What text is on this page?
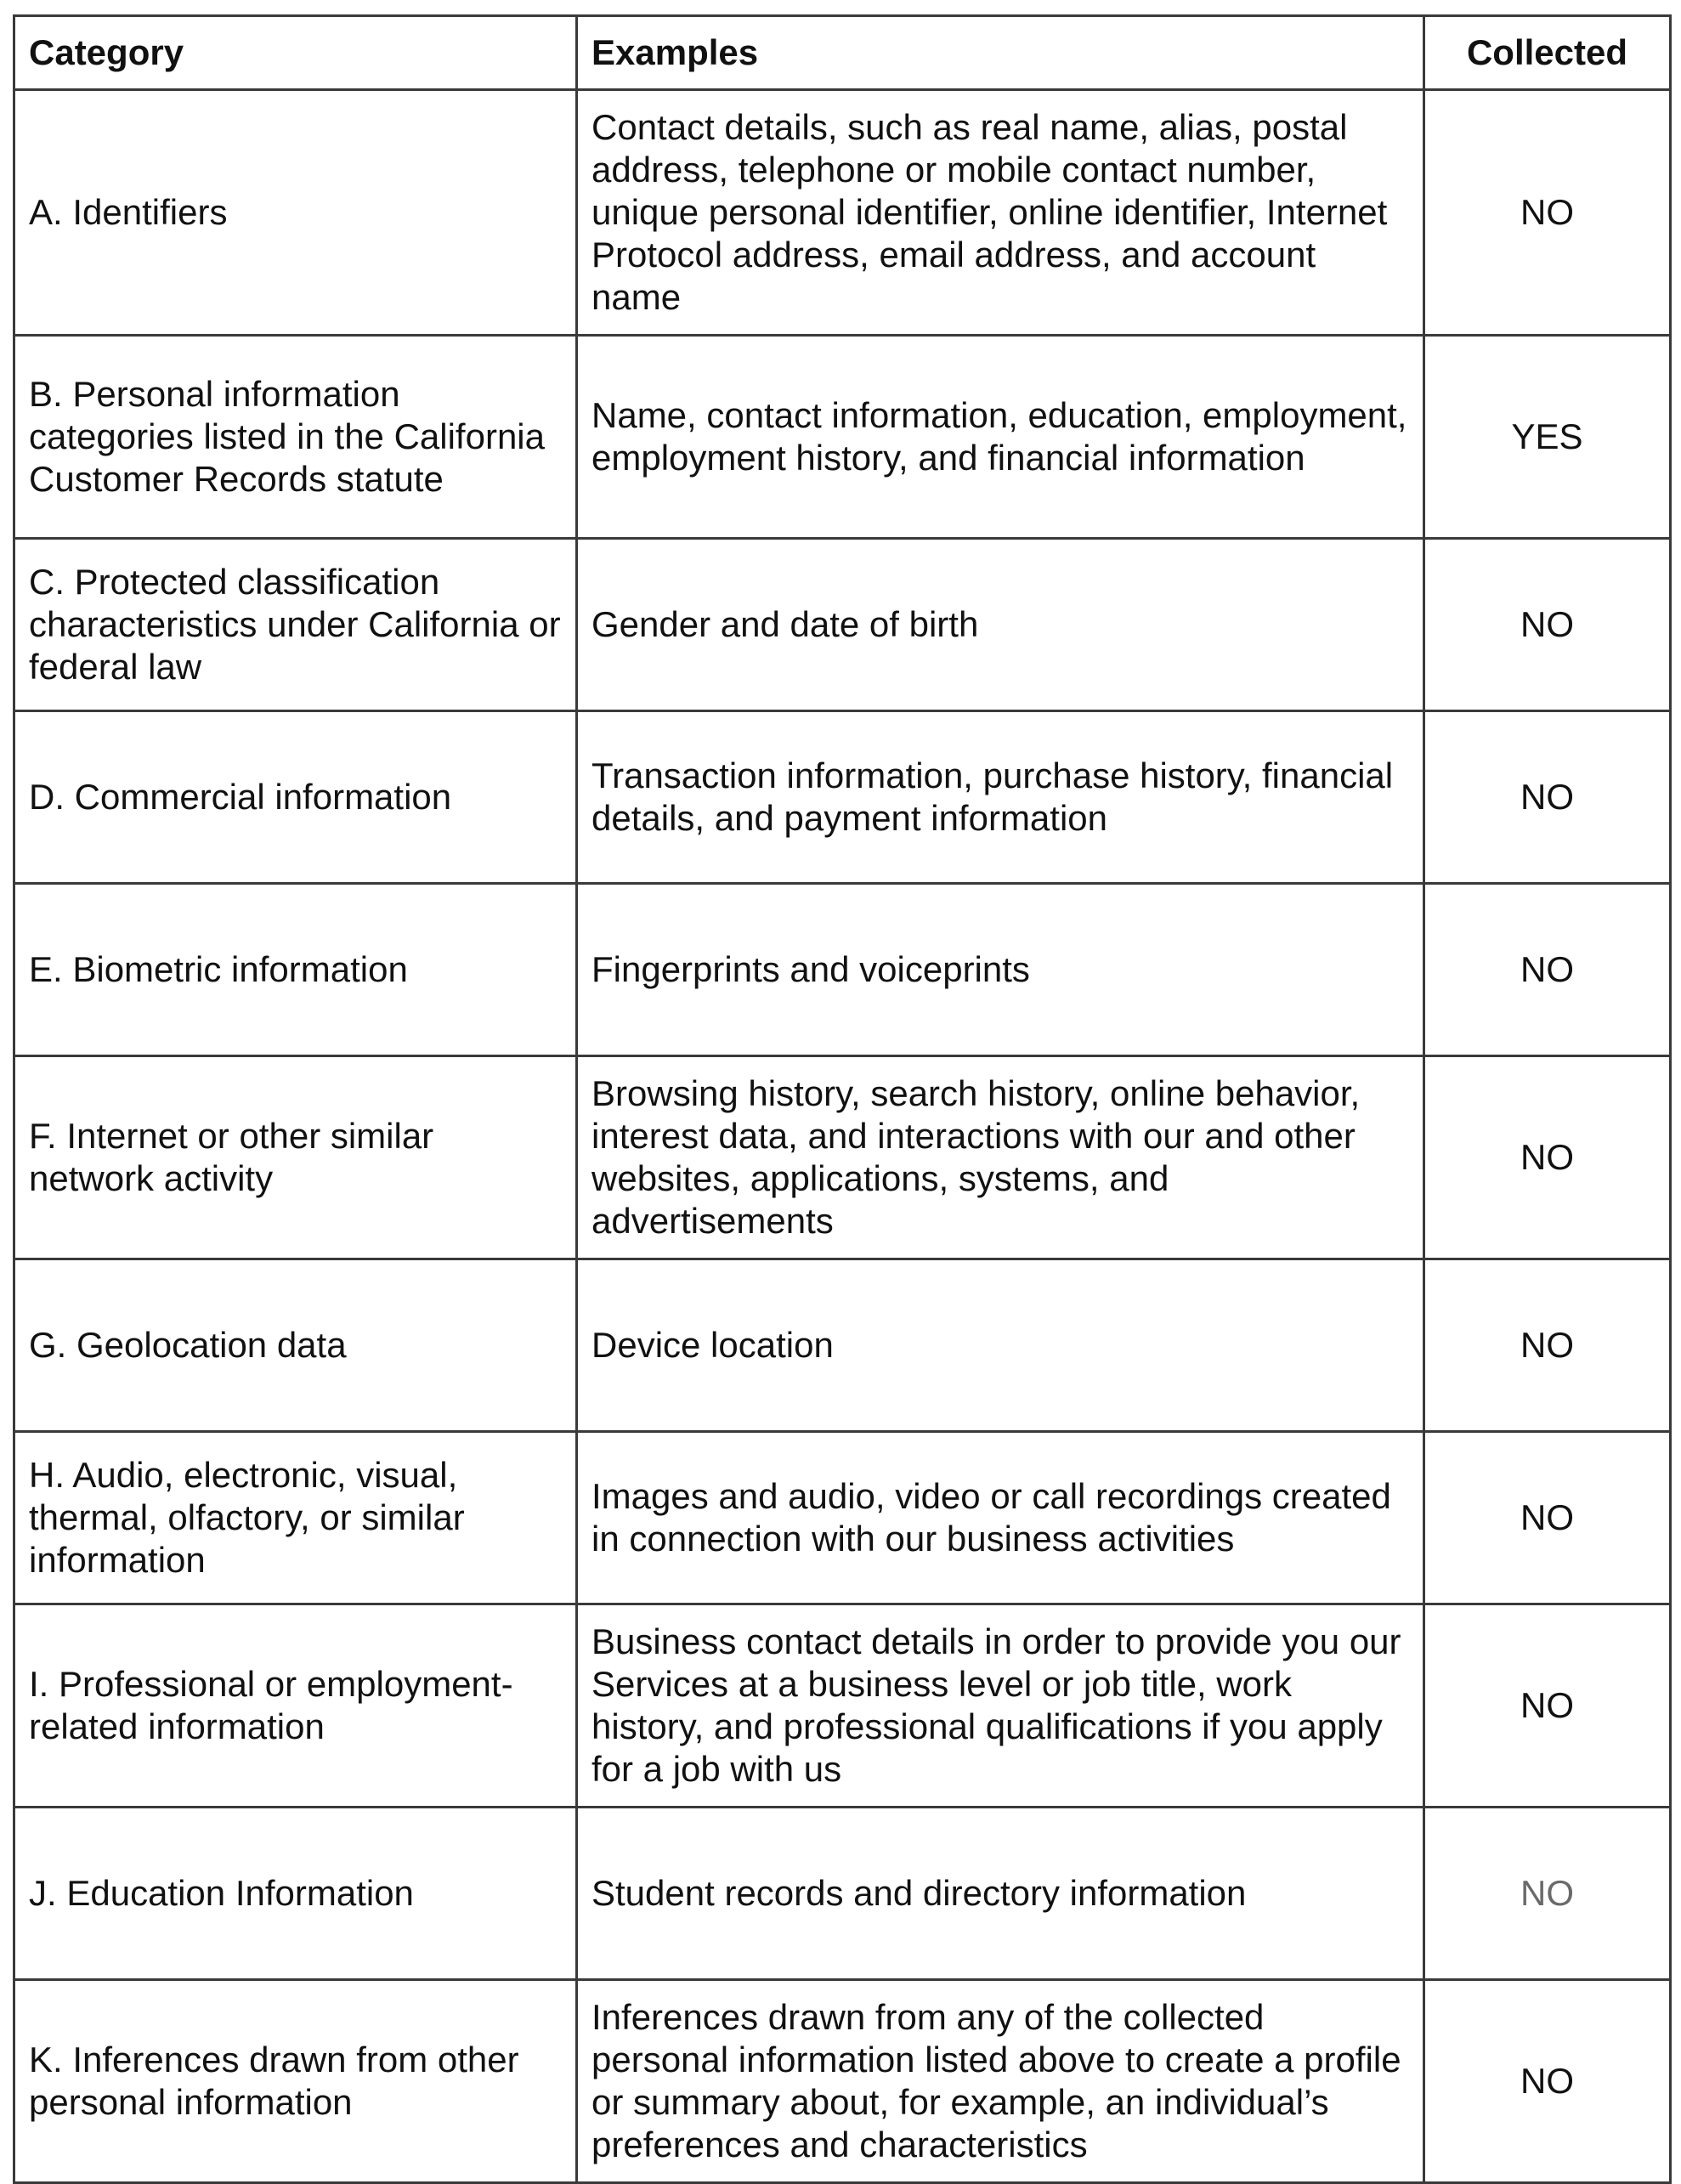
Category	Examples	Collected
A. Identifiers	Contact details, such as real name, alias, postal address, telephone or mobile contact number, unique personal identifier, online identifier, Internet Protocol address, email address, and account name	NO
B. Personal information categories listed in the California Customer Records statute	Name, contact information, education, employment, employment history, and financial information	YES
C. Protected classification characteristics under California or federal law	Gender and date of birth	NO
D. Commercial information	Transaction information, purchase history, financial details, and payment information	NO
E. Biometric information	Fingerprints and voiceprints	NO
F. Internet or other similar network activity	Browsing history, search history, online behavior, interest data, and interactions with our and other websites, applications, systems, and advertisements	NO
G. Geolocation data	Device location	NO
H. Audio, electronic, visual, thermal, olfactory, or similar information	Images and audio, video or call recordings created in connection with our business activities	NO
I. Professional or employment-related information	Business contact details in order to provide you our Services at a business level or job title, work history, and professional qualifications if you apply for a job with us	NO
J. Education Information	Student records and directory information	NO
K. Inferences drawn from other personal information	Inferences drawn from any of the collected personal information listed above to create a profile or summary about, for example, an individual’s preferences and characteristics	NO
